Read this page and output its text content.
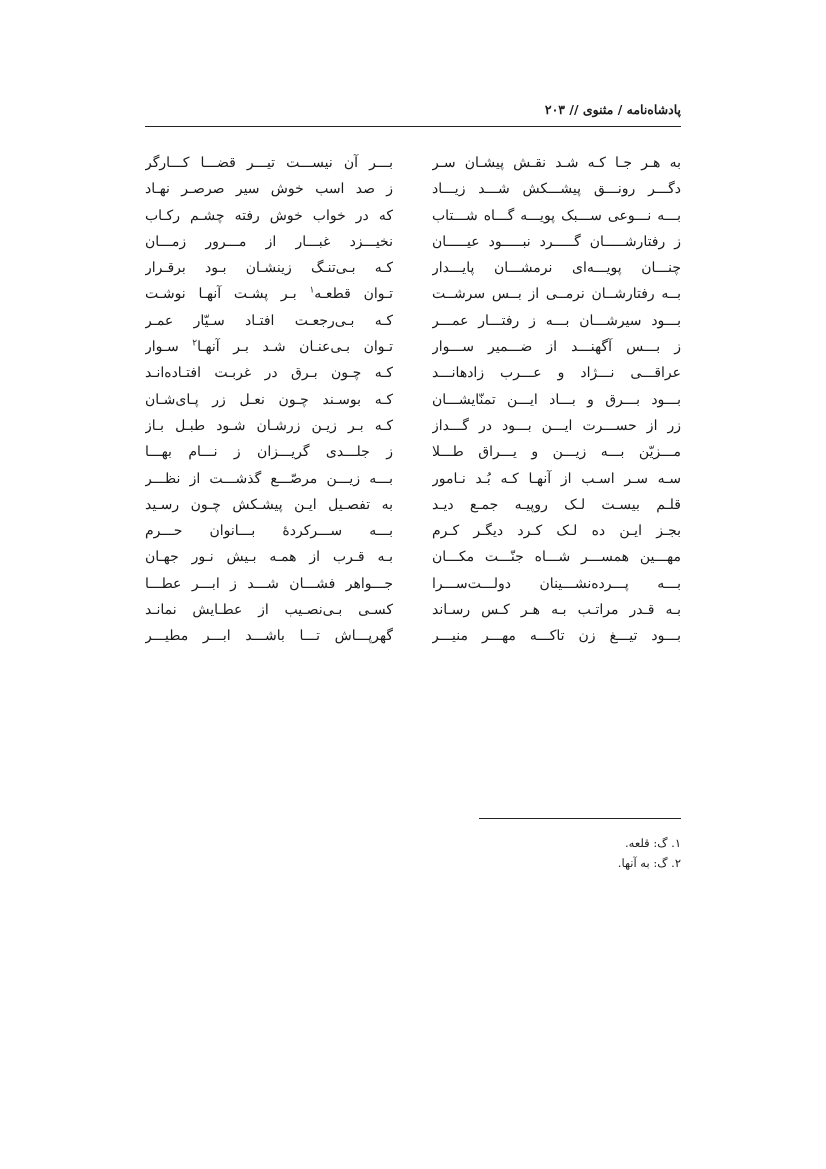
پادشاه‌نامه / مثنوی // ۲۰۳
به هـر جـا کـه شـد نقـش پیشـان سـر
دگـــر رونـــق پیشـــکش شـــد زیـــاد
بـــه نـــوعی ســـبک پویـــه گـــاه شـــتاب
ز رفتارشـــــان گـــــرد نبـــــود عیـــــان
چنـــان پویـــه‌ای نرمشـــان پایـــدار
بــه رفتارشــان نرمــی از بــس سرشــت
بـــود سیرشـــان بـــه ز رفتـــار عمـــر
ز بـــس آگهنـــد از ضـــمیر ســـوار
عراقـــی نـــژاد و عـــرب زادهانـــد
بـــود بـــرق و بـــاد ایـــن تمنّایشـــان
زر از حســـرت ایـــن بـــود در گـــداز
مـــزیّن بـــه زیـــن و یـــراق طـــلا
سـه سـر اسـب از آنهـا کـه بُـد نـامور
قلـم بیسـت لـک روپیـه جمـع دیـد
بجـز ایـن ده لـک کـرد دیگـر کـرم
مهـــین همســـر شـــاه جنّـــت مکـــان
بـــه پـــرده‌نشـــینان دولـــت‌ســـرا
بـه قـدر مراتـب بـه هـر کـس رسـاند
بـــود تیـــغ زن تاکـــه مهـــر منیـــر
بـــر آن نیســـت تیـــر قضـــا کـــارگر
ز صد اسب خوش سیر صرصـر نهـاد
که در خواب خوش رفته چشـم رکـاب
نخیـــزد غبـــار از مـــرور زمـــان
کـه بـی‌تنـگ زینشـان بـود برقـرار
تـوان قطعـه$^۱$ بـر پشـت آنهـا نوشـت
کـه بـی‌رجعـت افتـاد سـیّار عمـر
تـوان بـی‌عنـان شـد بـر آنهـا$^۲$ سـوار
کـه چـون بـرق در غربـت افتـاده‌انـد
کـه بوسـند چـون نعـل زر پـای‌شـان
کـه بـر زیـن زرشـان شـود طبـل بـاز
ز جلـــدی گریـــزان ز نـــام بهـــا
بـــه زیـــن مرصّـــع گذشـــت از نظـــر
به تفصـیل ایـن پیشـکش چـون رسـید
بـــه ســـرکردهٔ بـــانوان حـــرم
بـه قـرب از همـه بـیش نـور جهـان
جـــواهر فشـــان شـــد ز ابـــر عطـــا
کسـی بـی‌نصـیب از عطـایش نمانـد
گهرپـــاش تـــا باشـــد ابـــر مطیـــر
۱. گ: قلعه.
۲. گ: به آنها.
